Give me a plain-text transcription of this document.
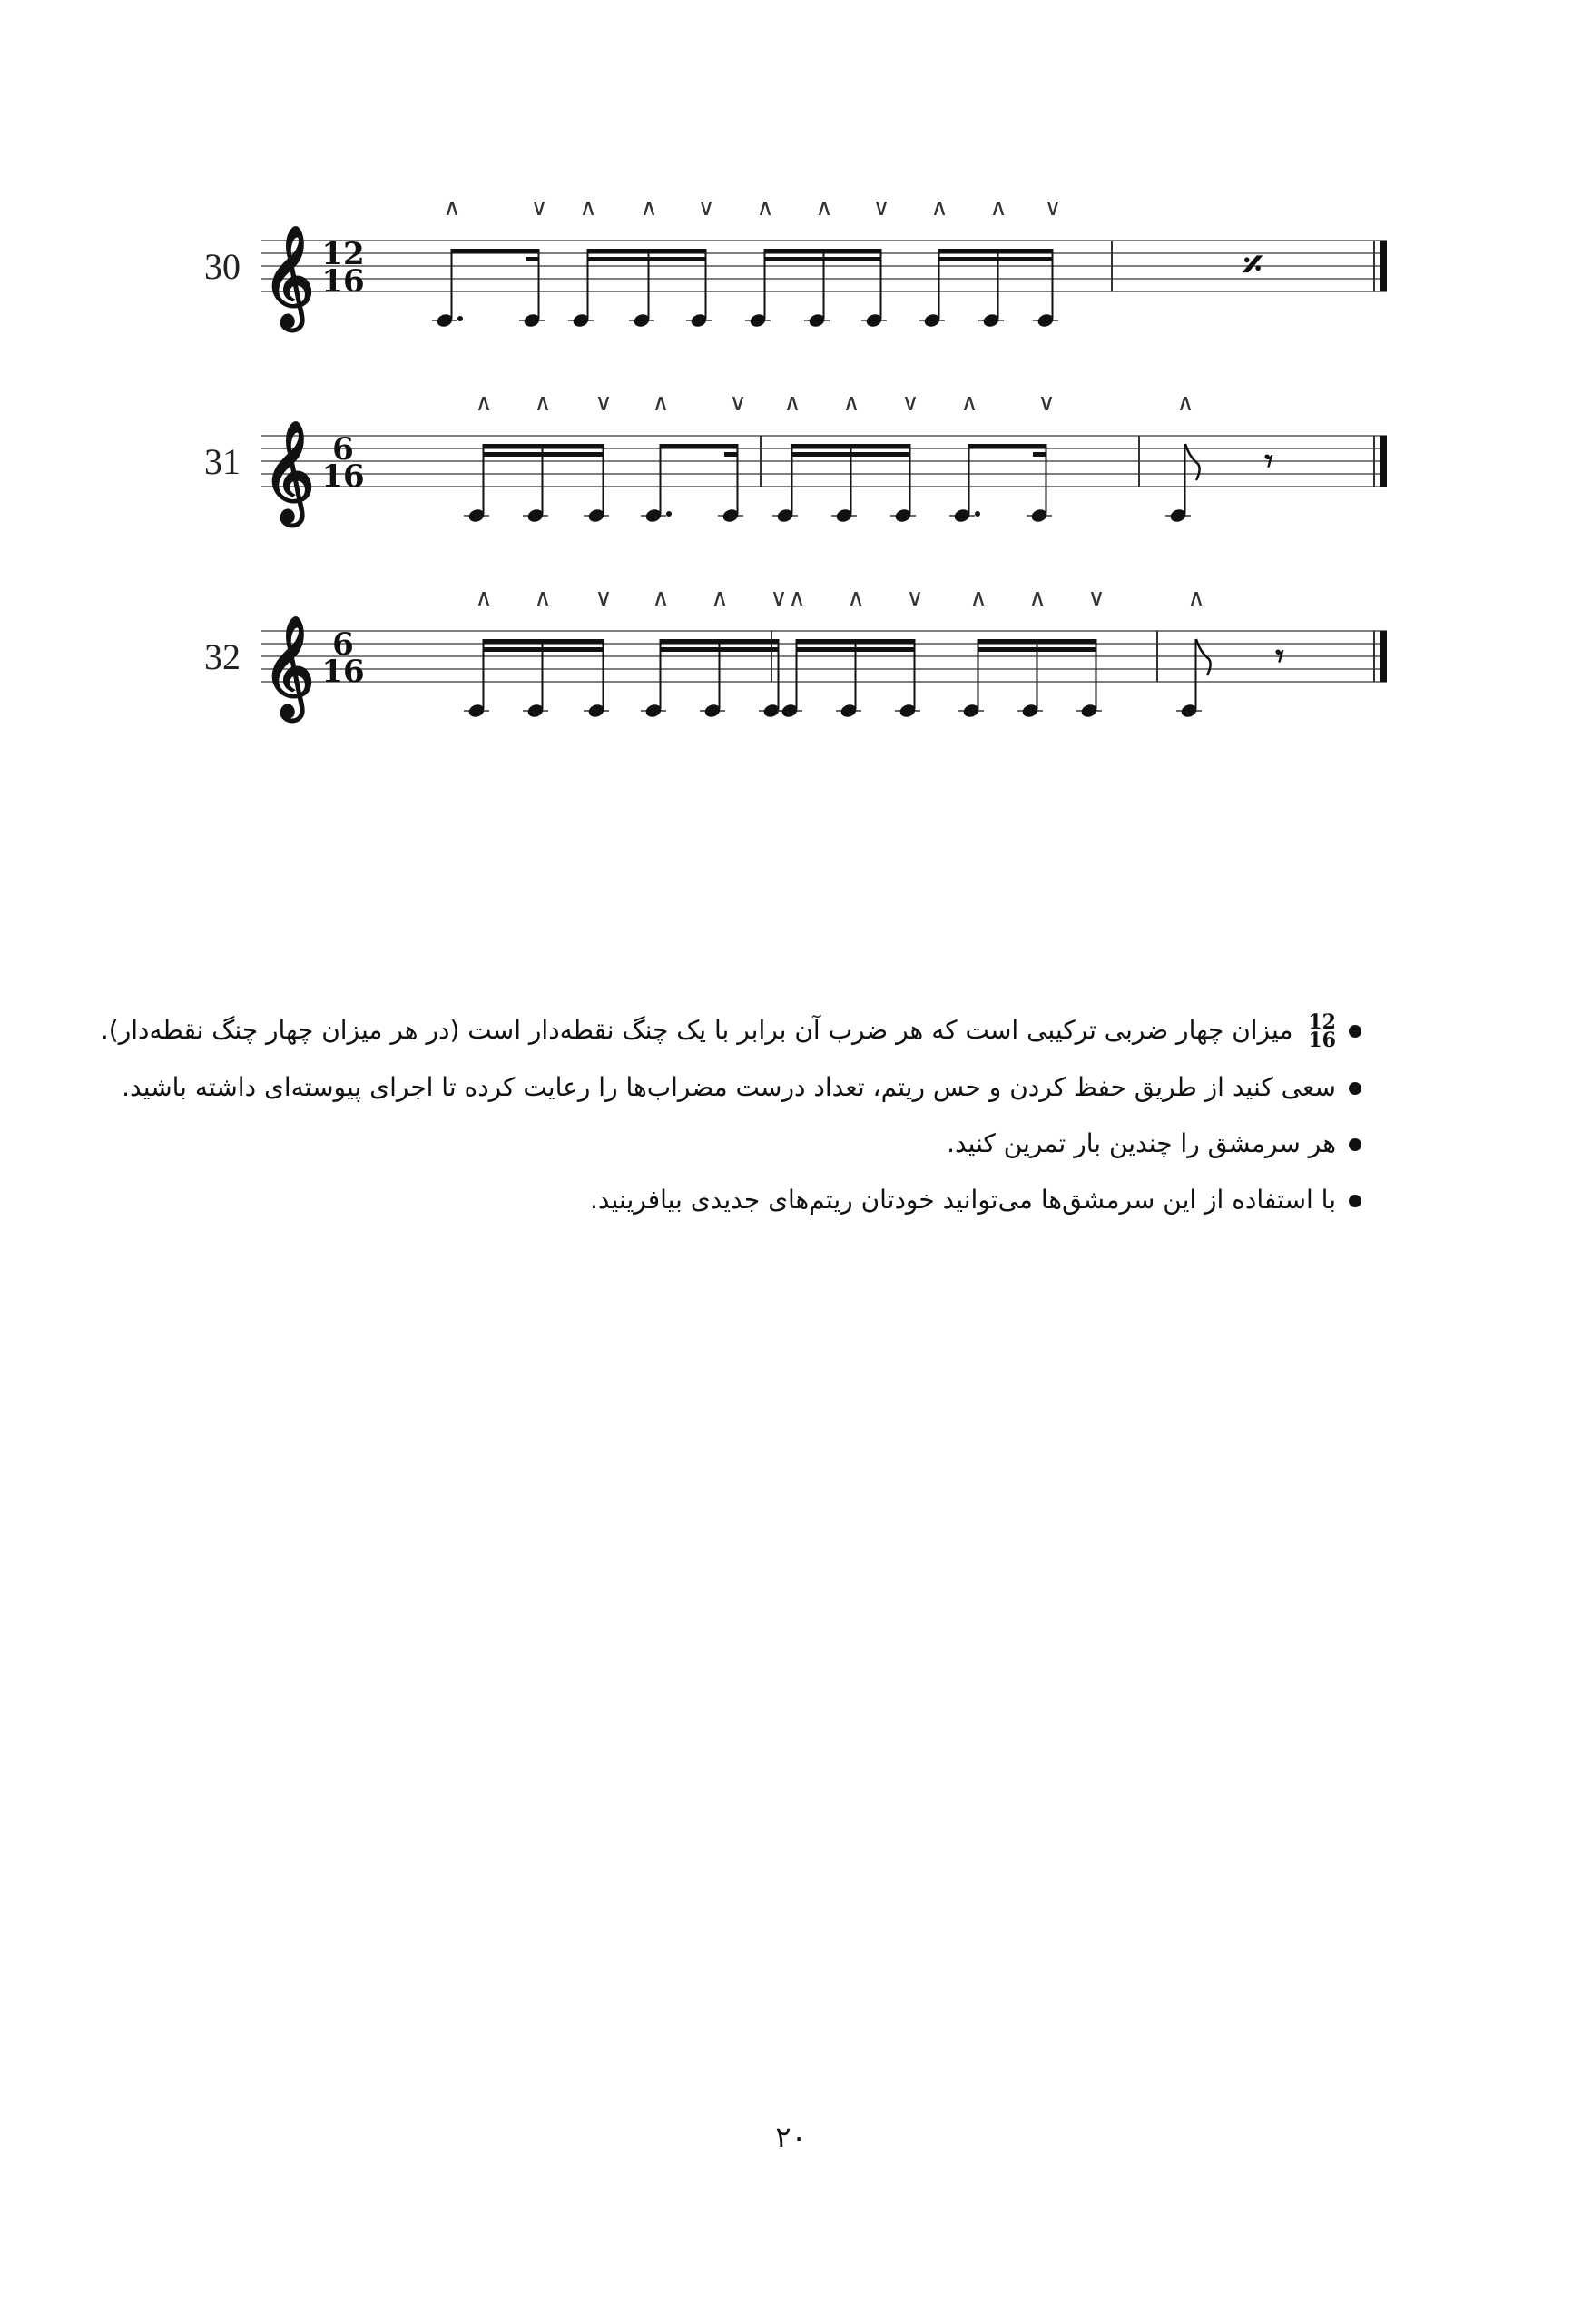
30 𝄞 12
16
∧	∨ ∧ ∧ ∨ ∧ ∧ ∨ ∧ ∧ ∨
𝄎
31 𝄞 6
16
∧ ∧ ∨ ∧	∨ ∧ ∧ ∨ ∧	∨	∧
𝄾
32 𝄞 6
16
∧ ∧ ∨ ∧ ∧ ∨ ∧ ∧ ∨ ∧ ∧ ∨	∧
𝄾
12
16
میزان چهار ضربی ترکیبی است که هر ضرب آن برابر با یک چنگ نقطه‌دار است (در هر میزان چهار چنگ نقطه‌دار).
سعی کنید از طریق حفظ کردن و حس ریتم، تعداد درست مضراب‌ها را رعایت کرده تا اجرای پیوسته‌ای داشته باشید.
هر سرمشق را چندین بار تمرین کنید.
با استفاده از این سرمشق‌ها می‌توانید خودتان ریتم‌های جدیدی بیافرینید.
۲۰
